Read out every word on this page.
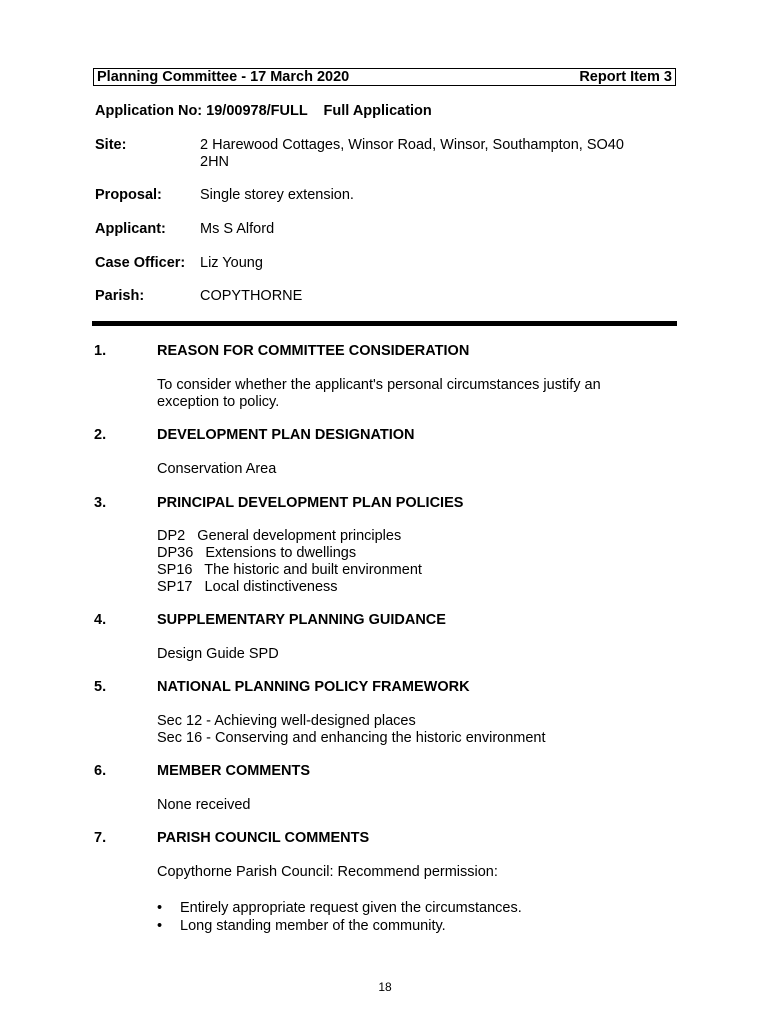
Planning Committee - 17 March 2020	Report Item 3
Application No: 19/00978/FULL    Full Application
Site:	2 Harewood Cottages, Winsor Road, Winsor, Southampton, SO40
2HN
Proposal:	Single storey extension.
Applicant: Ms S Alford
Case Officer: Liz Young
Parish:	COPYTHORNE
1.	REASON FOR COMMITTEE CONSIDERATION
To consider whether the applicant's personal circumstances justify an
exception to policy.
2.	DEVELOPMENT PLAN DESIGNATION
Conservation Area
3.	PRINCIPAL DEVELOPMENT PLAN POLICIES
DP2   General development principles
DP36   Extensions to dwellings
SP16   The historic and built environment
SP17   Local distinctiveness
4.	SUPPLEMENTARY PLANNING GUIDANCE
Design Guide SPD
5.	NATIONAL PLANNING POLICY FRAMEWORK
Sec 12 - Achieving well-designed places
Sec 16 - Conserving and enhancing the historic environment
6.	MEMBER COMMENTS
None received
7.	PARISH COUNCIL COMMENTS
Copythorne Parish Council: Recommend permission:
• Entirely appropriate request given the circumstances.
• Long standing member of the community.
18
